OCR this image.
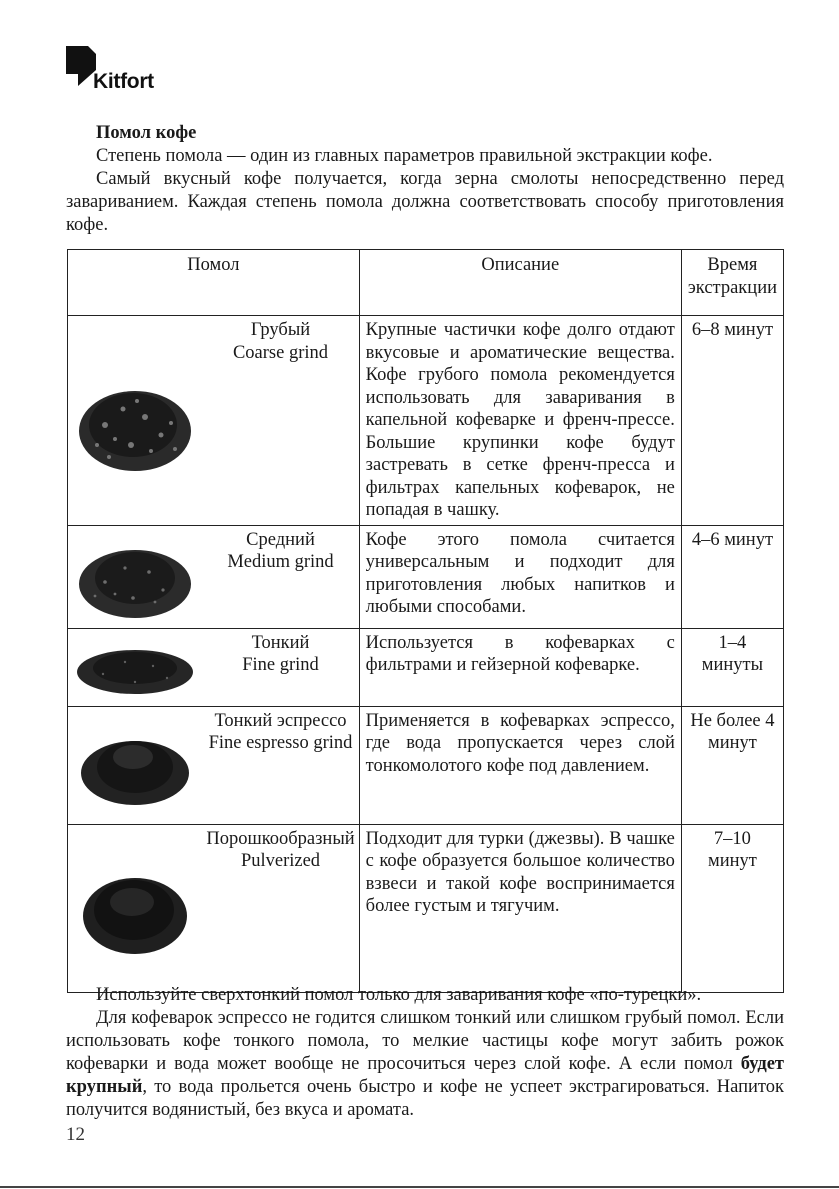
Kitfort
Помол кофе

Степень помола — один из главных параметров правильной экстракции кофе.

Самый вкусный кофе получается, когда зерна смолоты непосредственно перед завариванием. Каждая степень помола должна соответствовать способу приготовления кофе.

Помол		Описание	Время экстракции

Грубый
Coarse grind	Крупные частички кофе долго отдают вкусовые и ароматические вещества. Кофе грубого помола рекомендуется использовать для заваривания в капельной кофеварке и френч-прессе. Большие крупинки кофе будут застревать в сетке френч-пресса и фильтрах капельных кофеварок, не попадая в чашку.	6–8 минут

Средний
Medium grind	Кофе этого помола считается универсальным и подходит для приготовления любых напитков и любыми способами.	4–6 минут

Тонкий
Fine grind	Используется в кофеварках с фильтрами и гейзерной кофеварке.	1–4 минуты

Тонкий эспрессо
Fine espresso grind	Применяется в кофеварках эспрессо, где вода пропускается через слой тонкомолотого кофе под давлением.	Не более 4 минут

Порошкообразный
Pulverized	Подходит для турки (джезвы). В чашке с кофе образуется большое количество взвеси и такой кофе воспринимается более густым и тягучим.	7–10 минут

Используйте сверхтонкий помол только для заваривания кофе «по-турецки».

Для кофеварок эспрессо не годится слишком тонкий или слишком грубый помол. Если использовать кофе тонкого помола, то мелкие частицы кофе могут забить рожок кофеварки и вода может вообще не просочиться через слой кофе. А если помол будет крупный, то вода прольется очень быстро и кофе не успеет экстрагироваться. Напиток получится водянистый, без вкуса и аромата.

12
